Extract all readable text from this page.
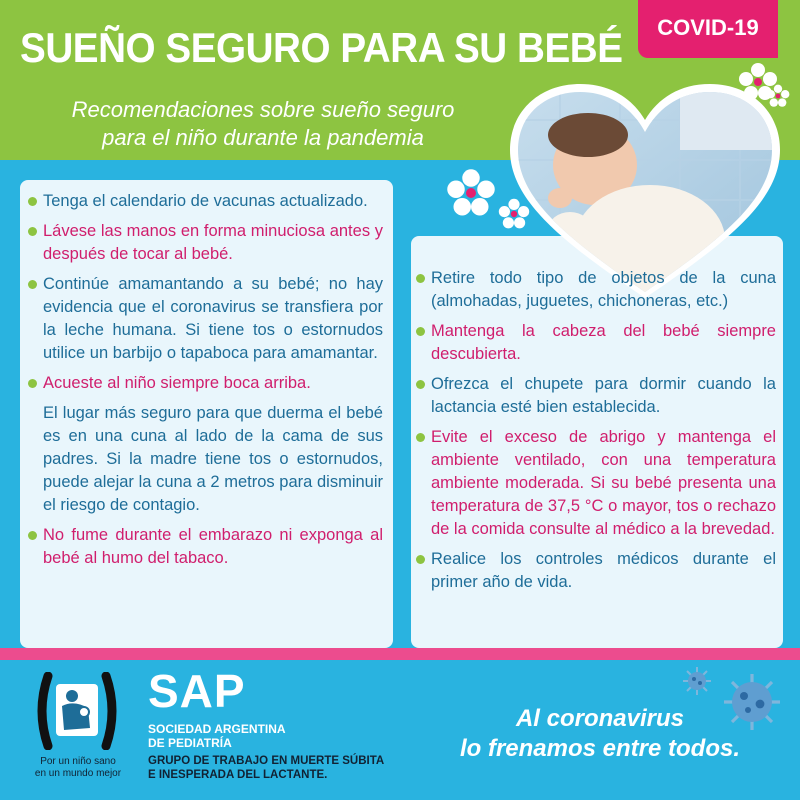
SUEÑO SEGURO PARA SU BEBÉ
Recomendaciones sobre sueño seguro
para el niño durante la pandemia
COVID-19
Tenga el calendario de vacunas actualizado.
Lávese las manos en forma minuciosa antes y después de tocar al bebé.
Continúe amamantando a su bebé; no hay evidencia que el coronavirus se transfiera por la leche humana. Si tiene tos o estornudos utilice un barbijo o tapaboca para amamantar.
Acueste al niño siempre boca arriba.
El lugar más seguro para que duerma el bebé es en una cuna al lado de la cama de sus padres. Si la madre tiene tos o estornudos, puede alejar la cuna a 2 metros para disminuir el riesgo de contagio.
No fume durante el embarazo ni exponga al bebé al humo del tabaco.
Retire todo tipo de objetos de la cuna (almohadas, juguetes, chichoneras, etc.)
Mantenga la cabeza del bebé siempre descubierta.
Ofrezca el chupete para dormir cuando la lactancia esté bien establecida.
Evite el exceso de abrigo y mantenga el ambiente ventilado, con una temperatura ambiente moderada. Si su bebé presenta una temperatura de 37,5 °C o mayor, tos o rechazo de la comida consulte al médico a la brevedad.
Realice los controles médicos durante el primer año de vida.
Por un niño sano
en un mundo mejor
SAP
SOCIEDAD ARGENTINA
DE PEDIATRÍA
GRUPO DE TRABAJO EN MUERTE SÚBITA
E INESPERADA DEL LACTANTE.
Al coronavirus
lo frenamos entre todos.
